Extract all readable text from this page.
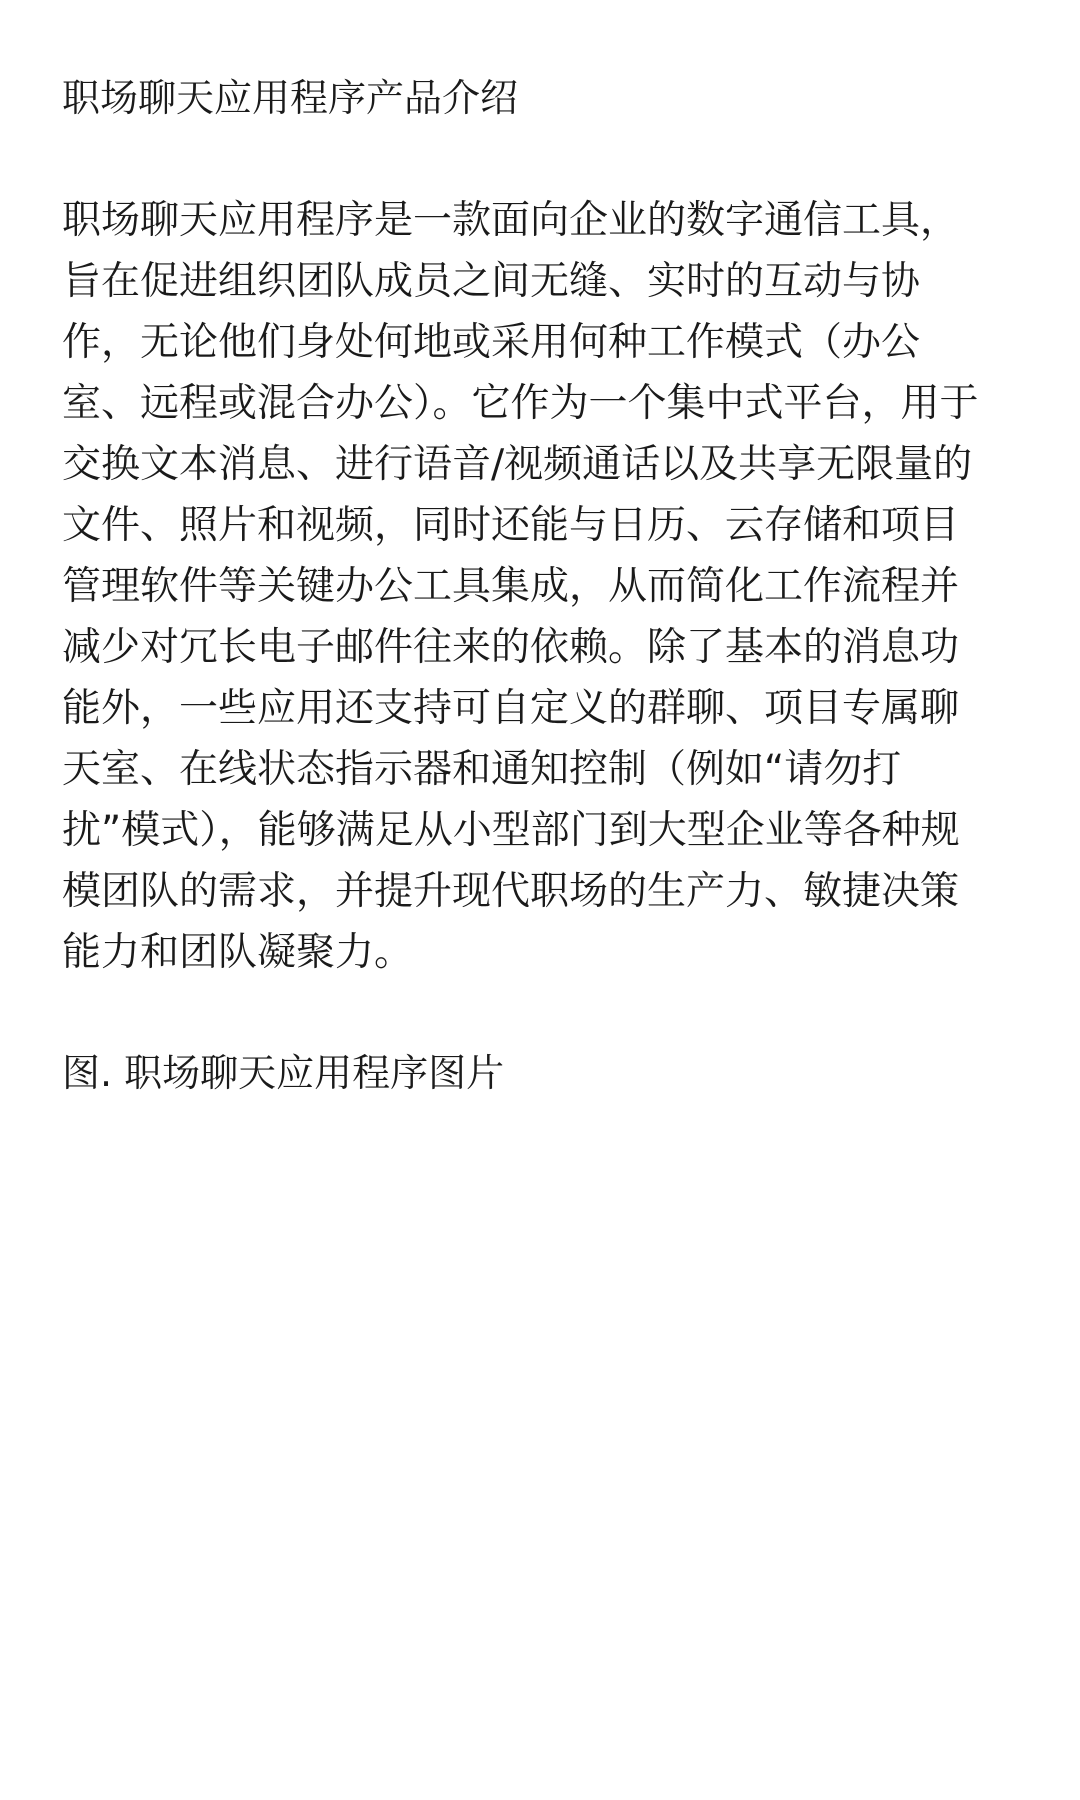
职场聊天应用程序产品介绍
职场聊天应用程序是一款面向企业的数字通信工具，
旨在促进组织团队成员之间无缝、实时的互动与协
作，无论他们身处何地或采用何种工作模式（办公
室、远程或混合办公）。它作为一个集中式平台，用于
交换文本消息、进行语音/视频通话以及共享无限量的
文件、照片和视频，同时还能与日历、云存储和项目
管理软件等关键办公工具集成，从而简化工作流程并
减少对冗长电子邮件往来的依赖。除了基本的消息功
能外，一些应用还支持可自定义的群聊、项目专属聊
天室、在线状态指示器和通知控制（例如“请勿打
扰”模式），能够满足从小型部门到大型企业等各种规
模团队的需求，并提升现代职场的生产力、敏捷决策
能力和团队凝聚力。
图. 职场聊天应用程序图片
